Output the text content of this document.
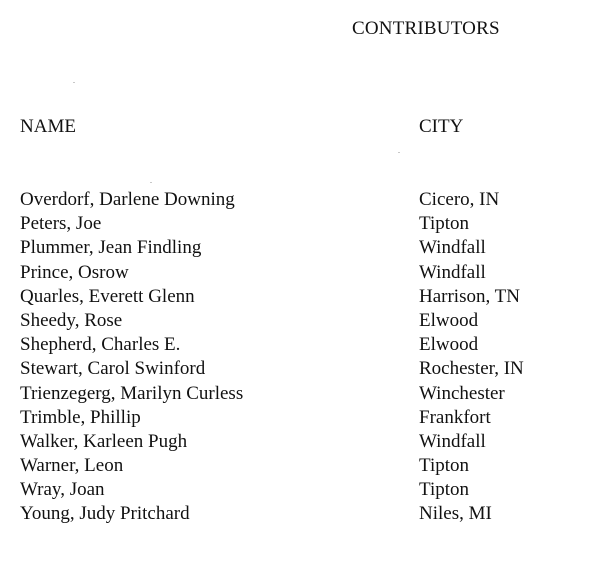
CONTRIBUTORS
NAME	CITY
Overdorf, Darlene Downing	Cicero, IN
Peters, Joe	Tipton
Plummer, Jean Findling	Windfall
Prince, Osrow	Windfall
Quarles, Everett Glenn	Harrison, TN
Sheedy, Rose	Elwood
Shepherd, Charles E.	Elwood
Stewart, Carol Swinford	Rochester, IN
Trienzegerg, Marilyn Curless	Winchester
Trimble, Phillip	Frankfort
Walker, Karleen Pugh	Windfall
Warner, Leon	Tipton
Wray, Joan	Tipton
Young, Judy Pritchard	Niles, MI
